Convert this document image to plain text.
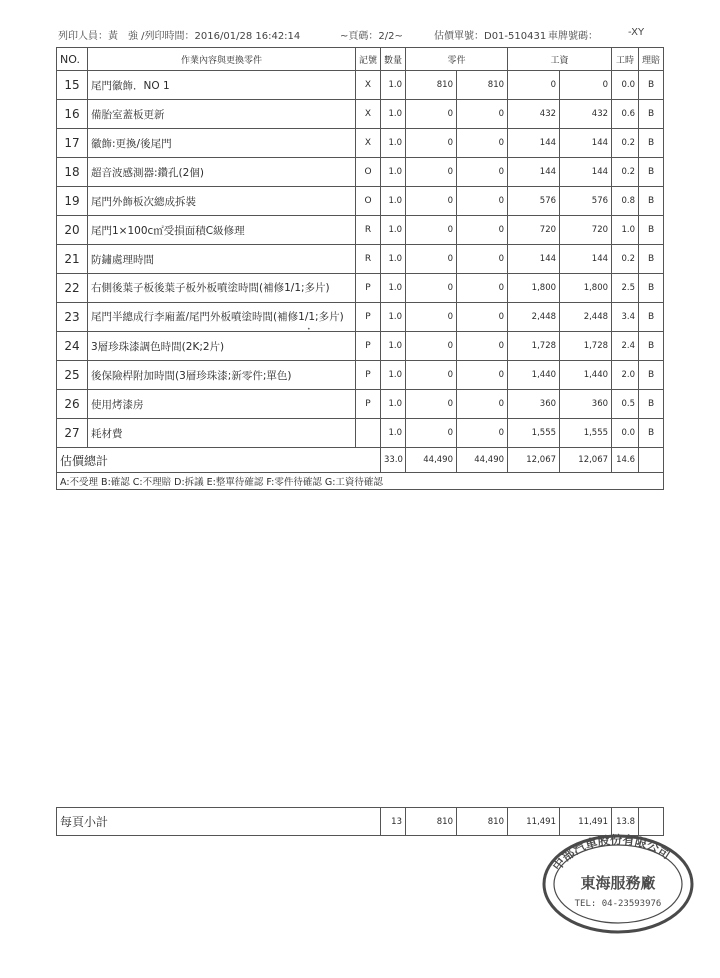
列印人員：黃　強 /列印時間：2016/01/28 16:42:14	~頁碼：2/2~	估價單號：D01-510431 車牌號碼：	-XY
NO.	作業內容與更換零件	記號	數量	零件		工資		工時	理賠
15	尾門徽飾．NO 1	X	1.0	810	810	0	0	0.0	B
16	備胎室蓋板更新	X	1.0	0	0	432	432	0.6	B
17	徽飾:更換/後尾門	X	1.0	0	0	144	144	0.2	B
18	超音波感測器:鑽孔(2個)	O	1.0	0	0	144	144	0.2	B
19	尾門外飾板次總成拆裝	O	1.0	0	0	576	576	0.8	B
20	尾門1×100c㎡受損面積C級修理	R	1.0	0	0	720	720	1.0	B
21	防鏽處理時間	R	1.0	0	0	144	144	0.2	B
22	右側後葉子板後葉子板外板噴塗時間(補修1/1;多片)	P	1.0	0	0	1,800	1,800	2.5	B
23	尾門半總成行李廂蓋/尾門外板噴塗時間(補修1/1;多片)	P	1.0	0	0	2,448	2,448	3.4	B
24	3層珍珠漆調色時間(2K;2片)	P	1.0	0	0	1,728	1,728	2.4	B
25	後保險桿附加時間(3層珍珠漆;新零件;單色)	P	1.0	0	0	1,440	1,440	2.0	B
26	使用烤漆房	P	1.0	0	0	360	360	0.5	B
27	耗材費		1.0	0	0	1,555	1,555	0.0	B
估價總計			33.0	44,490	44,490	12,067	12,067	14.6	
A:不受理 B:確認 C:不理賠 D:拆議 E:整單待確認 F:零件待確認 G:工資待確認									
•
每頁小計	13	810	810	11,491	11,491	13.8	
中部汽車股份有限公司
東海服務廠
TEL: 04-23593976
